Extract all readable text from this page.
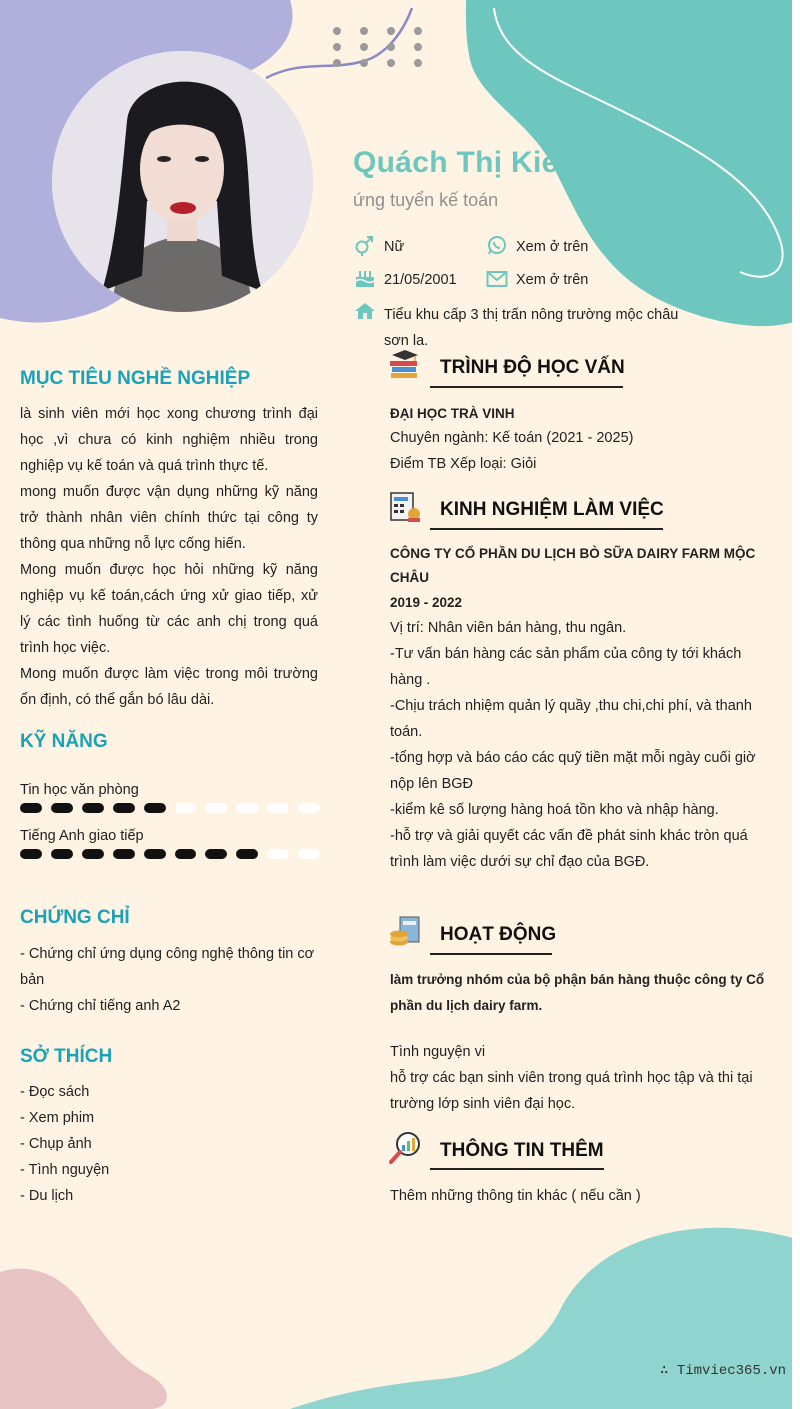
Quách Thị Kiều Anh
ứng tuyển kế toán
Nữ	Xem ở trên
21/05/2001	Xem ở trên
Tiểu khu cấp 3 thị trấn nông trường mộc châu sơn la.
MỤC TIÊU NGHỀ NGHIỆP
là sinh viên mới học xong chương trình đại học ,vì chưa có kinh nghiệm nhiều trong nghiệp vụ kế toán và quá trình thực tế.
mong muốn được vận dụng những kỹ năng trở thành nhân viên chính thức tại công ty thông qua những nỗ lực cống hiến.
Mong muốn được học hỏi những kỹ năng nghiệp vụ kế toán,cách ứng xử giao tiếp, xử lý các tình huống từ các anh chị trong quá trình học việc.
Mong muốn được làm việc trong môi trường ổn định, có thể gắn bó lâu dài.
KỸ NĂNG
Tin học văn phòng
Tiếng Anh giao tiếp
CHỨNG CHỈ
- Chứng chỉ ứng dụng công nghệ thông tin cơ bản
- Chứng chỉ tiếng anh A2
SỞ THÍCH
- Đọc sách
- Xem phim
- Chụp ảnh
- Tình nguyện
- Du lịch
TRÌNH ĐỘ HỌC VẤN
ĐẠI HỌC TRÀ VINH
Chuyên ngành: Kế toán (2021 - 2025)
Điểm TB Xếp loại: Giỏi
KINH NGHIỆM LÀM VIỆC
CÔNG TY CỔ PHẦN DU LỊCH BÒ SỮA DAIRY FARM MỘC CHÂU
2019 - 2022
Vị trí: Nhân viên bán hàng, thu ngân.
-Tư vấn bán hàng các sản phẩm của công ty tới khách hàng .
-Chịu trách nhiệm quản lý quầy ,thu chi,chi phí, và thanh toán.
-tổng hợp và báo cáo các quỹ tiền mặt mỗi ngày cuối giờ nộp lên BGĐ
-kiểm kê số lượng hàng hoá tồn kho và nhập hàng.
-hỗ trợ và giải quyết các vấn đề phát sinh khác tròn quá trình làm việc dưới sự chỉ đạo của BGĐ.
HOẠT ĐỘNG
làm trưởng nhóm của bộ phận bán hàng thuộc công ty Cổ phần du lịch dairy farm.
Tình nguyện vi
hỗ trợ các bạn sinh viên trong quá trình học tập và thi tại trường lớp sinh viên đại học.
THÔNG TIN THÊM
Thêm những thông tin khác ( nếu cần )
∴ Timviec365.vn
